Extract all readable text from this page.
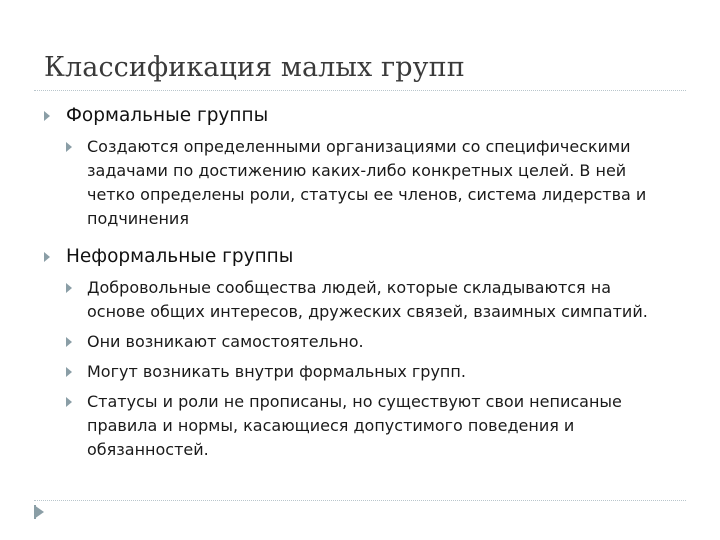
Классификация малых групп
Формальные группы
Создаются определенными организациями со специфическими
задачами по достижению каких-либо конкретных целей. В ней
четко определены роли, статусы ее членов, система лидерства и
подчинения
Неформальные группы
Добровольные сообщества людей, которые складываются на
основе общих интересов, дружеских связей, взаимных симпатий.
Они возникают самостоятельно.
Могут возникать внутри формальных групп.
Статусы и роли не прописаны, но существуют свои неписаные
правила и нормы, касающиеся допустимого поведения и
обязанностей.
